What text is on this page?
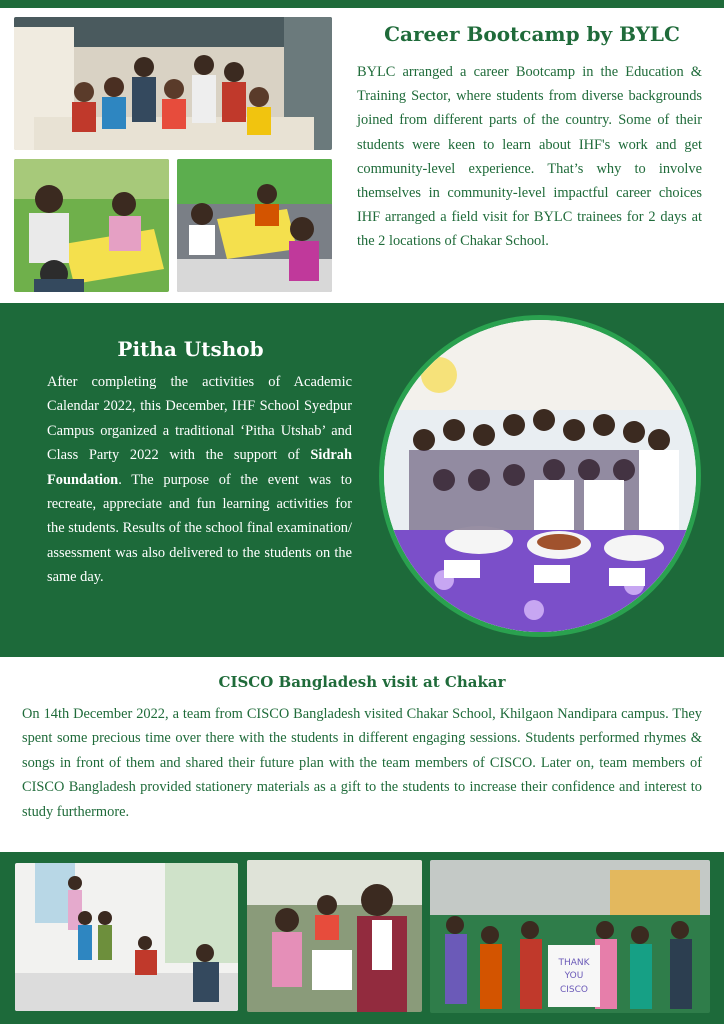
Career Bootcamp by BYLC
BYLC arranged a career Bootcamp in the Education & Training Sector, where students from diverse backgrounds joined from different parts of the country. Some of their students were keen to learn about IHF's work and get community-level experience. That’s why to involve themselves in community-level impactful career choices IHF arranged a field visit for BYLC trainees for 2 days at the 2 locations of Chakar School.
Pitha Utshob
After completing the activities of Academic Calendar 2022, this December, IHF School Syedpur Campus organized a traditional ‘Pitha Utshab’ and Class Party 2022 with the support of Sidrah Foundation. The purpose of the event was to recreate, appreciate and fun learning activities for the students. Results of the school final examination/ assessment was also delivered to the students on the same day.
CISCO Bangladesh visit at Chakar
On 14th December 2022, a team from CISCO Bangladesh visited Chakar School, Khilgaon Nandipara campus. They spent some precious time over there with the students in different engaging sessions. Students performed rhymes & songs in front of them and shared their future plan with the team members of CISCO. Later on, team members of CISCO Bangladesh provided stationery materials as a gift to the students to increase their confidence and interest to study furthermore.
THANK
YOU
CISCO
